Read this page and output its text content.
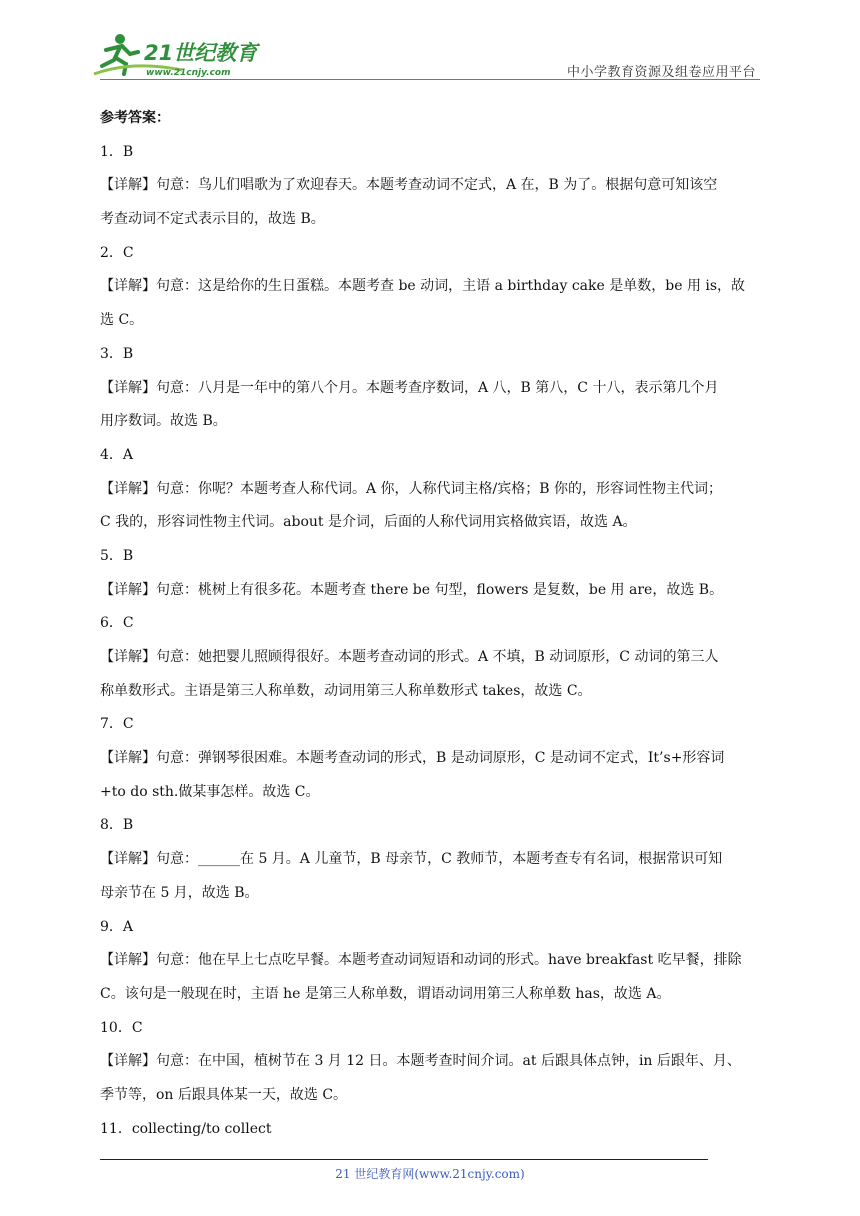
21世纪教育
www.21cnjy.com	中小学教育资源及组卷应用平台
参考答案：
1．B
【详解】句意：鸟儿们唱歌为了欢迎春天。本题考查动词不定式，A 在，B 为了。根据句意可知该空
考查动词不定式表示目的，故选 B。
2．C
【详解】句意：这是给你的生日蛋糕。本题考查 be 动词，主语 a birthday cake 是单数，be 用 is，故
选 C。
3．B
【详解】句意：八月是一年中的第八个月。本题考查序数词，A 八，B 第八，C 十八，表示第几个月
用序数词。故选 B。
4．A
【详解】句意：你呢？本题考查人称代词。A 你，人称代词主格/宾格；B 你的，形容词性物主代词；
C 我的，形容词性物主代词。about 是介词，后面的人称代词用宾格做宾语，故选 A。
5．B
【详解】句意：桃树上有很多花。本题考查 there be 句型，flowers 是复数，be 用 are，故选 B。
6．C
【详解】句意：她把婴儿照顾得很好。本题考查动词的形式。A 不填，B 动词原形，C 动词的第三人
称单数形式。主语是第三人称单数，动词用第三人称单数形式 takes，故选 C。
7．C
【详解】句意：弹钢琴很困难。本题考查动词的形式，B 是动词原形，C 是动词不定式，It’s+形容词
+to do sth.做某事怎样。故选 C。
8．B
【详解】句意：______在 5 月。A 儿童节，B 母亲节，C 教师节，本题考查专有名词，根据常识可知
母亲节在 5 月，故选 B。
9．A
【详解】句意：他在早上七点吃早餐。本题考查动词短语和动词的形式。have breakfast 吃早餐，排除
C。该句是一般现在时，主语 he 是第三人称单数，谓语动词用第三人称单数 has，故选 A。
10．C
【详解】句意：在中国，植树节在 3 月 12 日。本题考查时间介词。at 后跟具体点钟，in 后跟年、月、
季节等，on 后跟具体某一天，故选 C。
11．collecting/to collect
21 世纪教育网(www.21cnjy.com)
